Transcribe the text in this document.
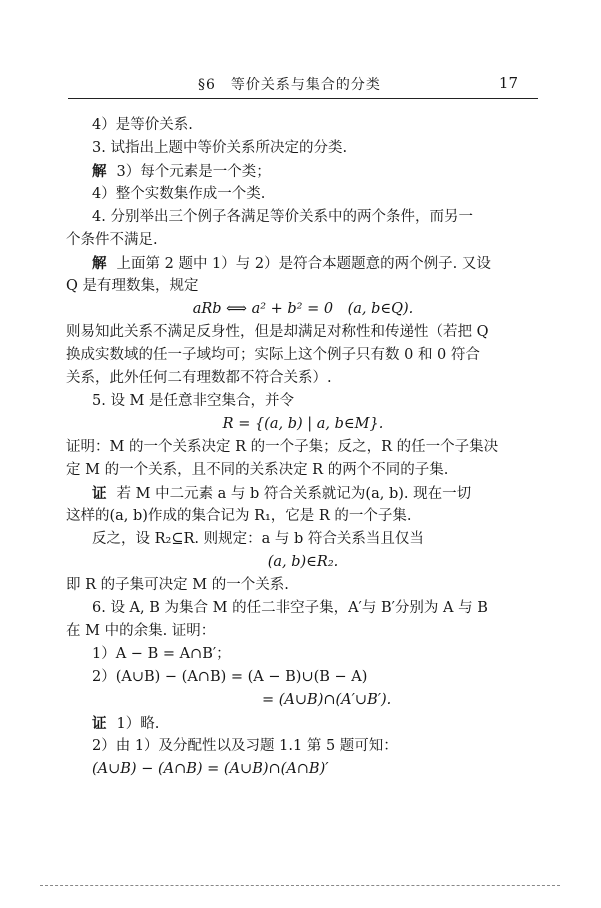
§6　等价关系与集合的分类	17
4）是等价关系.
3. 试指出上题中等价关系所决定的分类.
解 3）每个元素是一个类；
4）整个实数集作成一个类.
4. 分别举出三个例子各满足等价关系中的两个条件，而另一
个条件不满足.
解 上面第 2 题中 1）与 2）是符合本题题意的两个例子. 又设
Q 是有理数集，规定
aRb ⟺ a² + b² = 0　(a, b∈Q).
则易知此关系不满足反身性，但是却满足对称性和传递性（若把 Q
换成实数域的任一子域均可；实际上这个例子只有数 0 和 0 符合
关系，此外任何二有理数都不符合关系）.
5. 设 M 是任意非空集合，并令
R = {(a, b) | a, b∈M}.
证明：M 的一个关系决定 R 的一个子集；反之，R 的任一个子集决
定 M 的一个关系，且不同的关系决定 R 的两个不同的子集.
证 若 M 中二元素 a 与 b 符合关系就记为(a, b). 现在一切
这样的(a, b)作成的集合记为 R₁，它是 R 的一个子集.
反之，设 R₂⊆R. 则规定：a 与 b 符合关系当且仅当
(a, b)∈R₂.
即 R 的子集可决定 M 的一个关系.
6. 设 A, B 为集合 M 的任二非空子集，A′与 B′分别为 A 与 B
在 M 中的余集. 证明：
1）A − B = A∩B′；
2）(A∪B) − (A∩B) = (A − B)∪(B − A)
= (A∪B)∩(A′∪B′).
证 1）略.
2）由 1）及分配性以及习题 1.1 第 5 题可知：
(A∪B) − (A∩B) = (A∪B)∩(A∩B)′
